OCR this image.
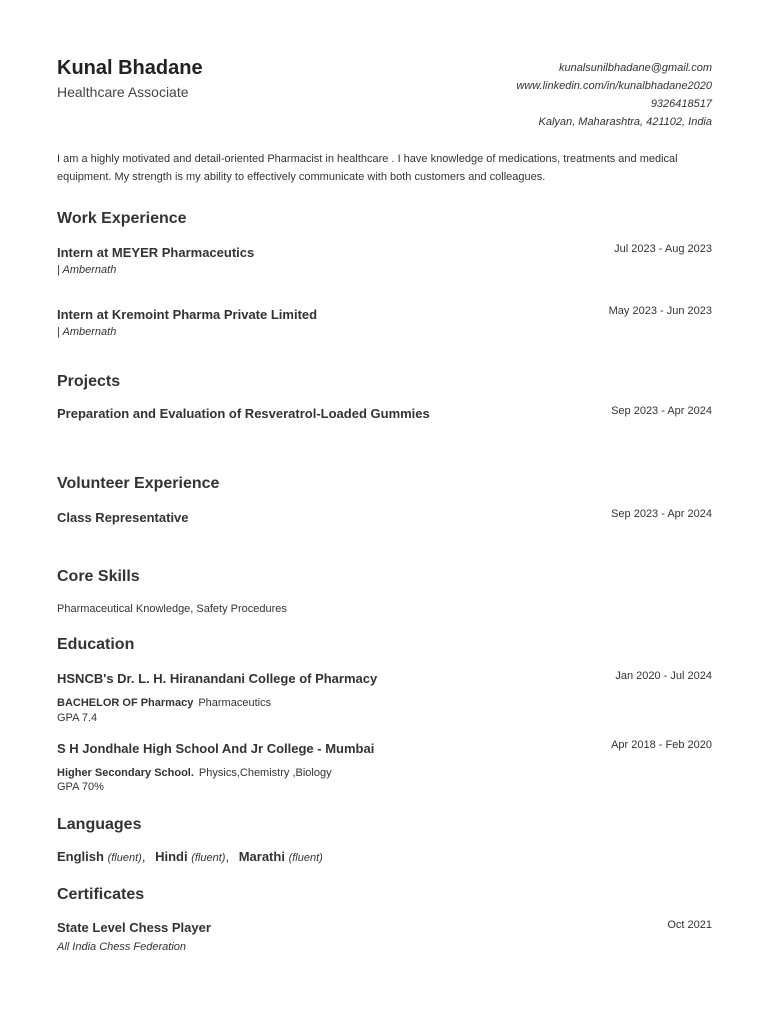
Kunal Bhadane
Healthcare Associate
kunalsunilbhadane@gmail.com
www.linkedin.com/in/kunalbhadane2020
9326418517
Kalyan, Maharashtra, 421102, India
I am a highly motivated and detail-oriented Pharmacist in healthcare . I have knowledge of medications, treatments and medical equipment. My strength is my ability to effectively communicate with both customers and colleagues.
Work Experience
Intern at MEYER Pharmaceutics	Jul 2023 - Aug 2023
| Ambernath
Intern at Kremoint Pharma Private Limited	May 2023 - Jun 2023
| Ambernath
Projects
Preparation and Evaluation of Resveratrol-Loaded Gummies	Sep 2023 - Apr 2024
Volunteer Experience
Class Representative	Sep 2023 - Apr 2024
Core Skills
Pharmaceutical Knowledge, Safety Procedures
Education
HSNCB's Dr. L. H. Hiranandani College of Pharmacy	Jan 2020 - Jul 2024
BACHELOR OF Pharmacy Pharmaceutics
GPA 7.4
S H Jondhale High School And Jr College - Mumbai	Apr 2018 - Feb 2020
Higher Secondary School. Physics,Chemistry ,Biology
GPA 70%
Languages
English (fluent), Hindi (fluent), Marathi (fluent)
Certificates
State Level Chess Player	Oct 2021
All India Chess Federation
